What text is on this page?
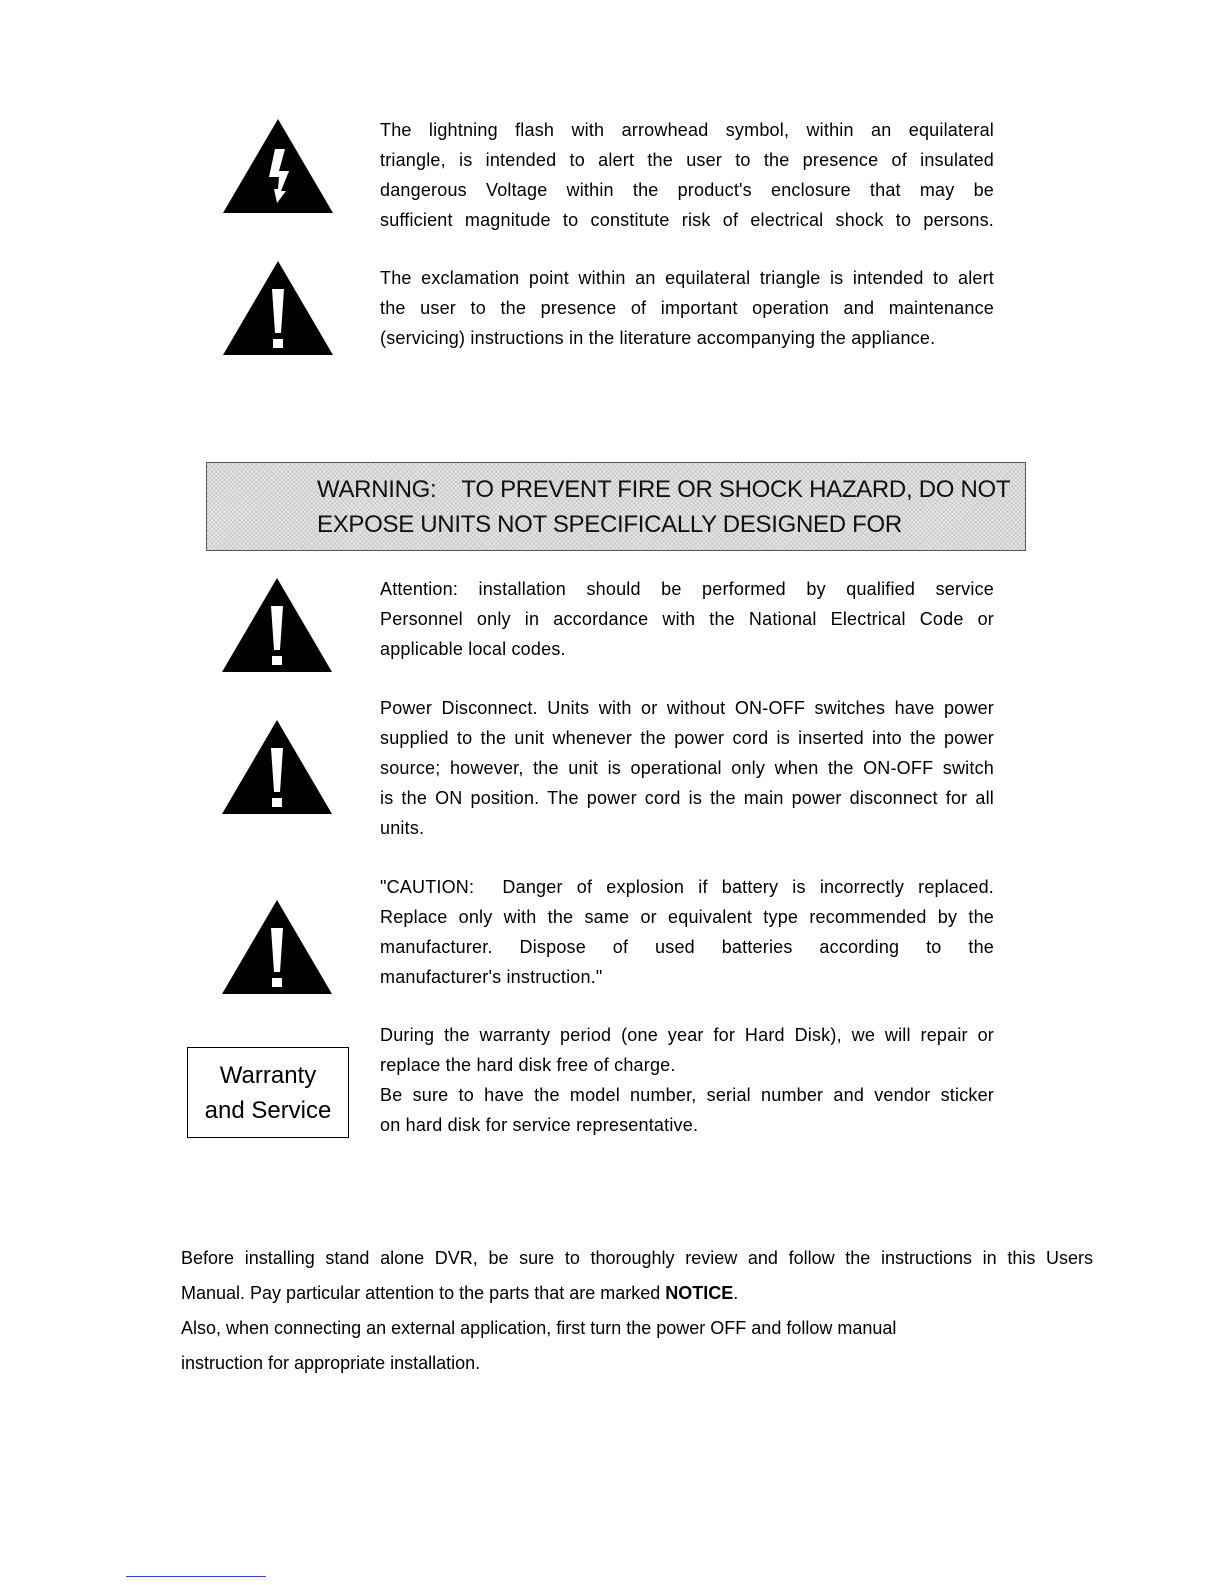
The lightning flash with arrowhead symbol, within an equilateral
triangle, is intended to alert the user to the presence of insulated
dangerous Voltage within the product's enclosure that may be
sufficient magnitude to constitute risk of electrical shock to persons.

The exclamation point within an equilateral triangle is intended to alert
the user to the presence of important operation and maintenance
(servicing) instructions in the literature accompanying the appliance.

WARNING:    TO PREVENT FIRE OR SHOCK HAZARD, DO NOT
EXPOSE UNITS NOT SPECIFICALLY DESIGNED FOR

Attention: installation should be performed by qualified service
Personnel only in accordance with the National Electrical Code or
applicable local codes.

Power Disconnect. Units with or without ON-OFF switches have power
supplied to the unit whenever the power cord is inserted into the power
source; however, the unit is operational only when the ON-OFF switch
is the ON position. The power cord is the main power disconnect for all
units.

"CAUTION:  Danger of explosion if battery is incorrectly replaced.
Replace only with the same or equivalent type recommended by the
manufacturer. Dispose of used batteries according to the
manufacturer's instruction."

Warranty
and Service

During the warranty period (one year for Hard Disk), we will repair or
replace the hard disk free of charge.
Be sure to have the model number, serial number and vendor sticker
on hard disk for service representative.

Before installing stand alone DVR, be sure to thoroughly review and follow the instructions in this Users
Manual. Pay particular attention to the parts that are marked NOTICE.
Also, when connecting an external application, first turn the power OFF and follow manual
instruction for appropriate installation.
